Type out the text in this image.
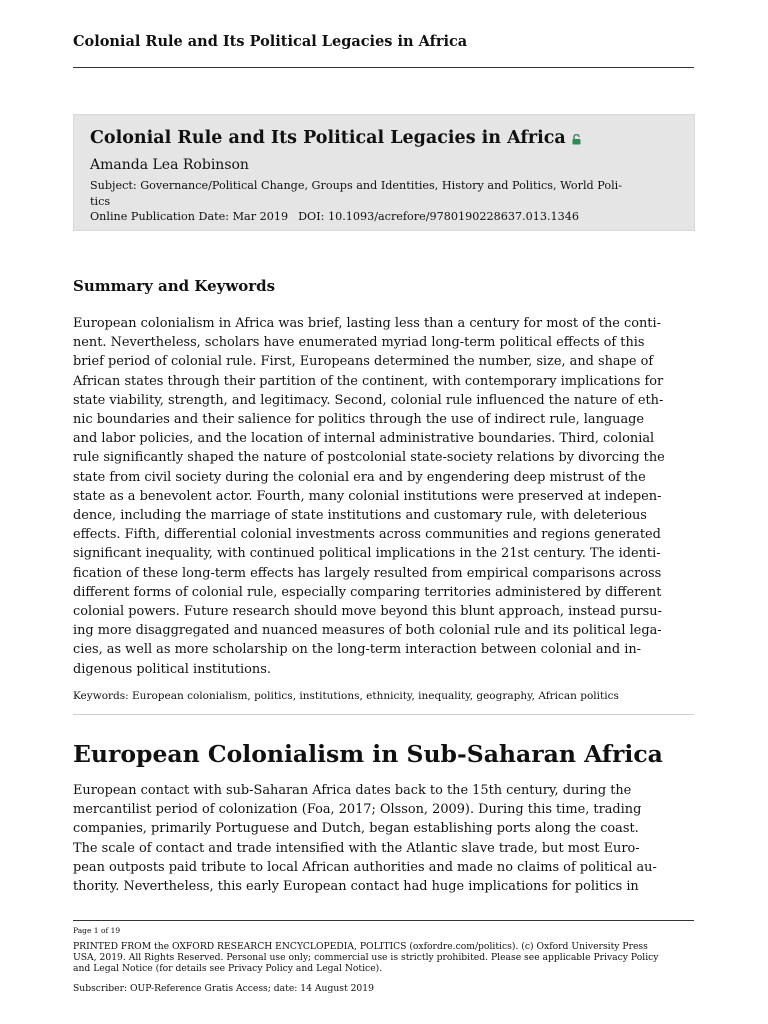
Colonial Rule and Its Political Legacies in Africa
Colonial Rule and Its Political Legacies in Africa
Amanda Lea Robinson
Subject: Governance/Political Change, Groups and Identities, History and Politics, World Poli-
tics
Online Publication Date: Mar 2019 DOI: 10.1093/acrefore/9780190228637.013.1346
Summary and Keywords
European colonialism in Africa was brief, lasting less than a century for most of the conti-
nent. Nevertheless, scholars have enumerated myriad long-term political effects of this
brief period of colonial rule. First, Europeans determined the number, size, and shape of
African states through their partition of the continent, with contemporary implications for
state viability, strength, and legitimacy. Second, colonial rule influenced the nature of eth-
nic boundaries and their salience for politics through the use of indirect rule, language
and labor policies, and the location of internal administrative boundaries. Third, colonial
rule significantly shaped the nature of postcolonial state-society relations by divorcing the
state from civil society during the colonial era and by engendering deep mistrust of the
state as a benevolent actor. Fourth, many colonial institutions were preserved at indepen-
dence, including the marriage of state institutions and customary rule, with deleterious
effects. Fifth, differential colonial investments across communities and regions generated
significant inequality, with continued political implications in the 21st century. The identi-
fication of these long-term effects has largely resulted from empirical comparisons across
different forms of colonial rule, especially comparing territories administered by different
colonial powers. Future research should move beyond this blunt approach, instead pursu-
ing more disaggregated and nuanced measures of both colonial rule and its political lega-
cies, as well as more scholarship on the long-term interaction between colonial and in-
digenous political institutions.
Keywords: European colonialism, politics, institutions, ethnicity, inequality, geography, African politics
European Colonialism in Sub-Saharan Africa
European contact with sub-Saharan Africa dates back to the 15th century, during the
mercantilist period of colonization (Foa, 2017; Olsson, 2009). During this time, trading
companies, primarily Portuguese and Dutch, began establishing ports along the coast.
The scale of contact and trade intensified with the Atlantic slave trade, but most Euro-
pean outposts paid tribute to local African authorities and made no claims of political au-
thority. Nevertheless, this early European contact had huge implications for politics in
Page 1 of 19
PRINTED FROM the OXFORD RESEARCH ENCYCLOPEDIA, POLITICS (oxfordre.com/politics). (c) Oxford University Press
USA, 2019. All Rights Reserved. Personal use only; commercial use is strictly prohibited. Please see applicable Privacy Policy
and Legal Notice (for details see Privacy Policy and Legal Notice).
Subscriber: OUP-Reference Gratis Access; date: 14 August 2019
